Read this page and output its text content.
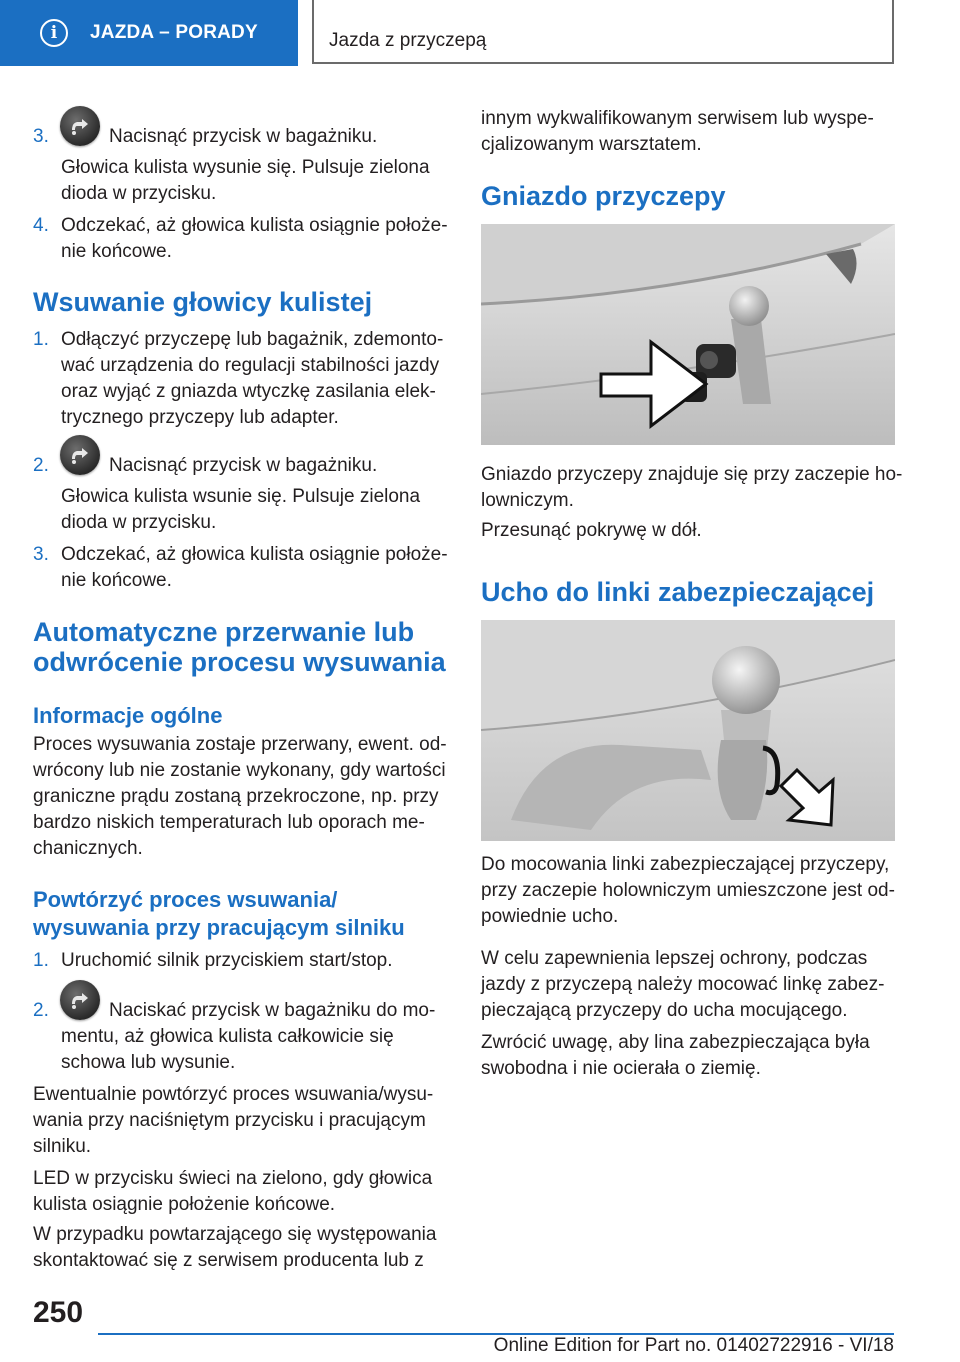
i	JAZDA – PORADY	Jazda z przyczepą
3.	Nacisnąć przycisk w bagażniku.
Głowica kulista wysunie się. Pulsuje zielona
dioda w przycisku.
4. Odczekać, aż głowica kulista osiągnie położe‐
nie końcowe.
Wsuwanie głowicy kulistej
1. Odłączyć przyczepę lub bagażnik, zdemonto‐
wać urządzenia do regulacji stabilności jazdy
oraz wyjąć z gniazda wtyczkę zasilania elek‐
trycznego przyczepy lub adapter.
2.	Nacisnąć przycisk w bagażniku.
Głowica kulista wsunie się. Pulsuje zielona
dioda w przycisku.
3. Odczekać, aż głowica kulista osiągnie położe‐
nie końcowe.
Automatyczne przerwanie lub
odwrócenie procesu wysuwania
Informacje ogólne
Proces wysuwania zostaje przerwany, ewent. od‐
wrócony lub nie zostanie wykonany, gdy wartości
graniczne prądu zostaną przekroczone, np. przy
bardzo niskich temperaturach lub oporach me‐
chanicznych.
Powtórzyć proces wsuwania/
wysuwania przy pracującym silniku
1. Uruchomić silnik przyciskiem start/stop.
2.	Naciskać przycisk w bagażniku do mo‐
mentu, aż głowica kulista całkowicie się
schowa lub wysunie.
Ewentualnie powtórzyć proces wsuwania/wysu‐
wania przy naciśniętym przycisku i pracującym
silniku.
LED w przycisku świeci na zielono, gdy głowica
kulista osiągnie położenie końcowe.
W przypadku powtarzającego się występowania
skontaktować się z serwisem producenta lub z
innym wykwalifikowanym serwisem lub wyspe‐
cjalizowanym warsztatem.
Gniazdo przyczepy
Gniazdo przyczepy znajduje się przy zaczepie ho‐
lowniczym.
Przesunąć pokrywę w dół.
Ucho do linki zabezpieczającej
Do mocowania linki zabezpieczającej przyczepy,
przy zaczepie holowniczym umieszczone jest od‐
powiednie ucho.
W celu zapewnienia lepszej ochrony, podczas
jazdy z przyczepą należy mocować linkę zabez‐
pieczającą przyczepy do ucha mocującego.
Zwrócić uwagę, aby lina zabezpieczająca była
swobodna i nie ocierała o ziemię.
250
Online Edition for Part no. 01402722916 - VI/18
